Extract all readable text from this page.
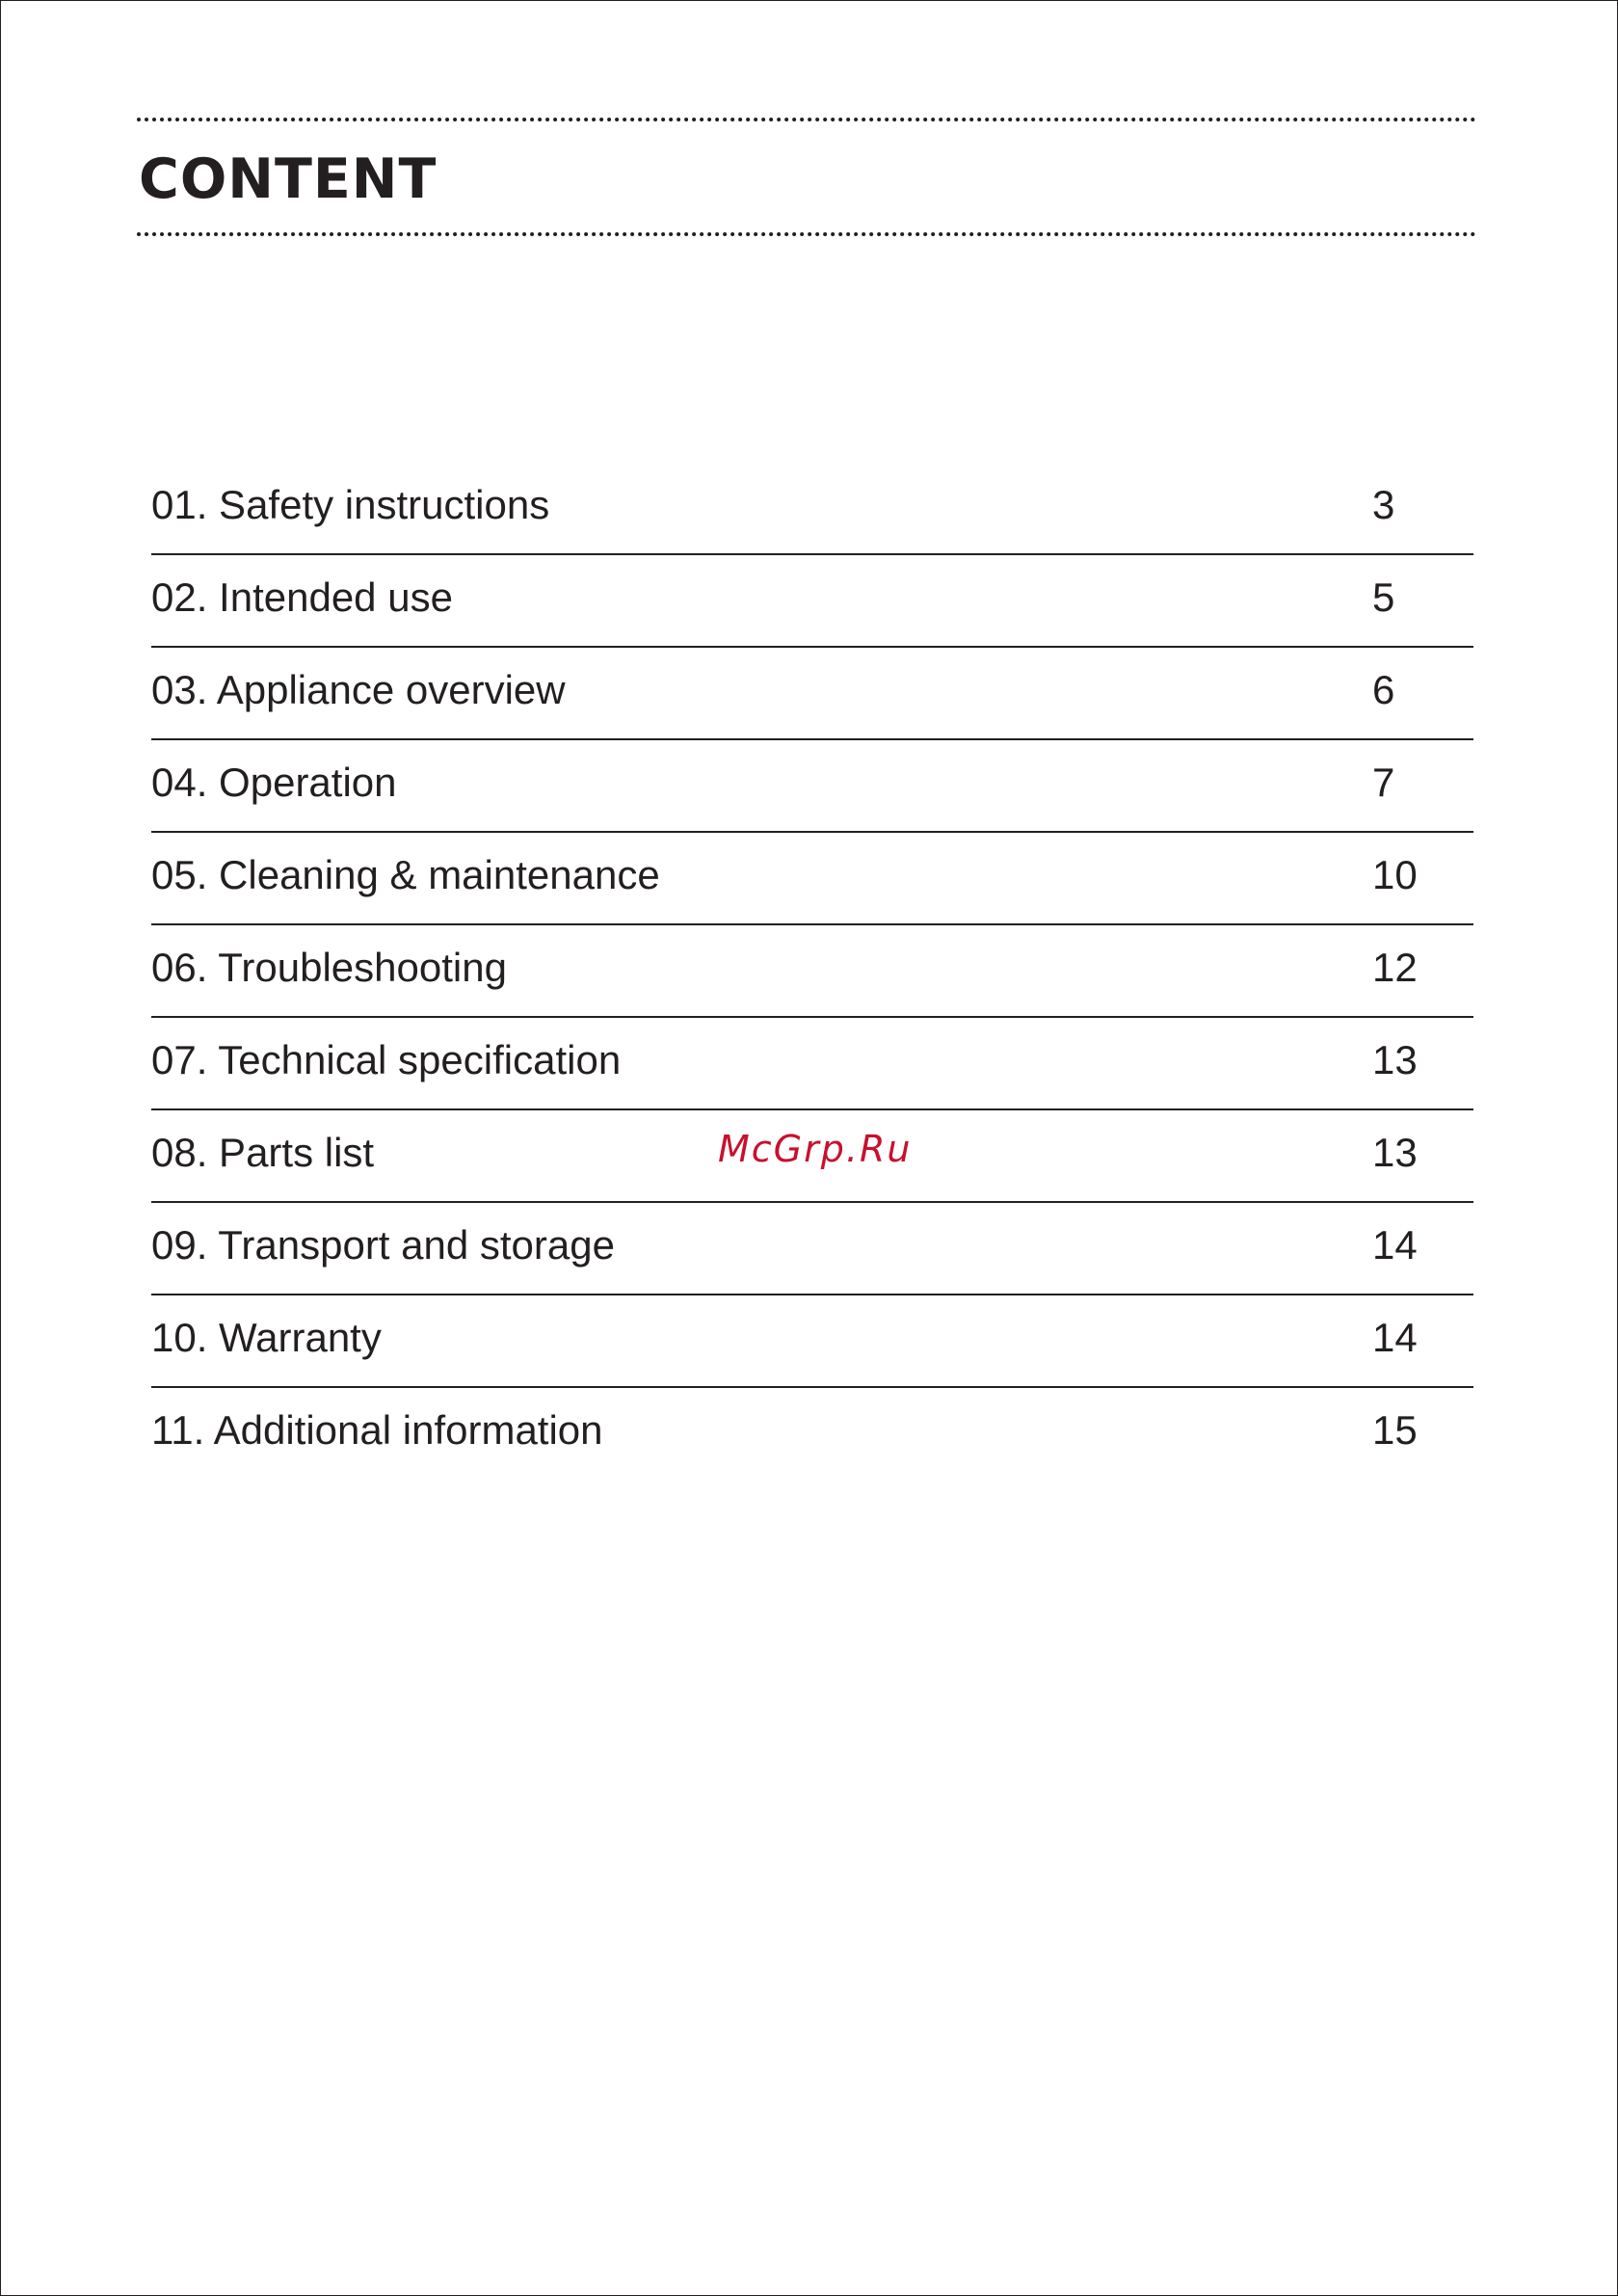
CONTENT
01. Safety instructions	3
02. Intended use	5
03. Appliance overview	6
04. Operation	7
05. Cleaning & maintenance	10
06. Troubleshooting	12
07. Technical specification	13
08. Parts list	13
09. Transport and storage	14
10. Warranty	14
11. Additional information	15
McGrp.Ru
